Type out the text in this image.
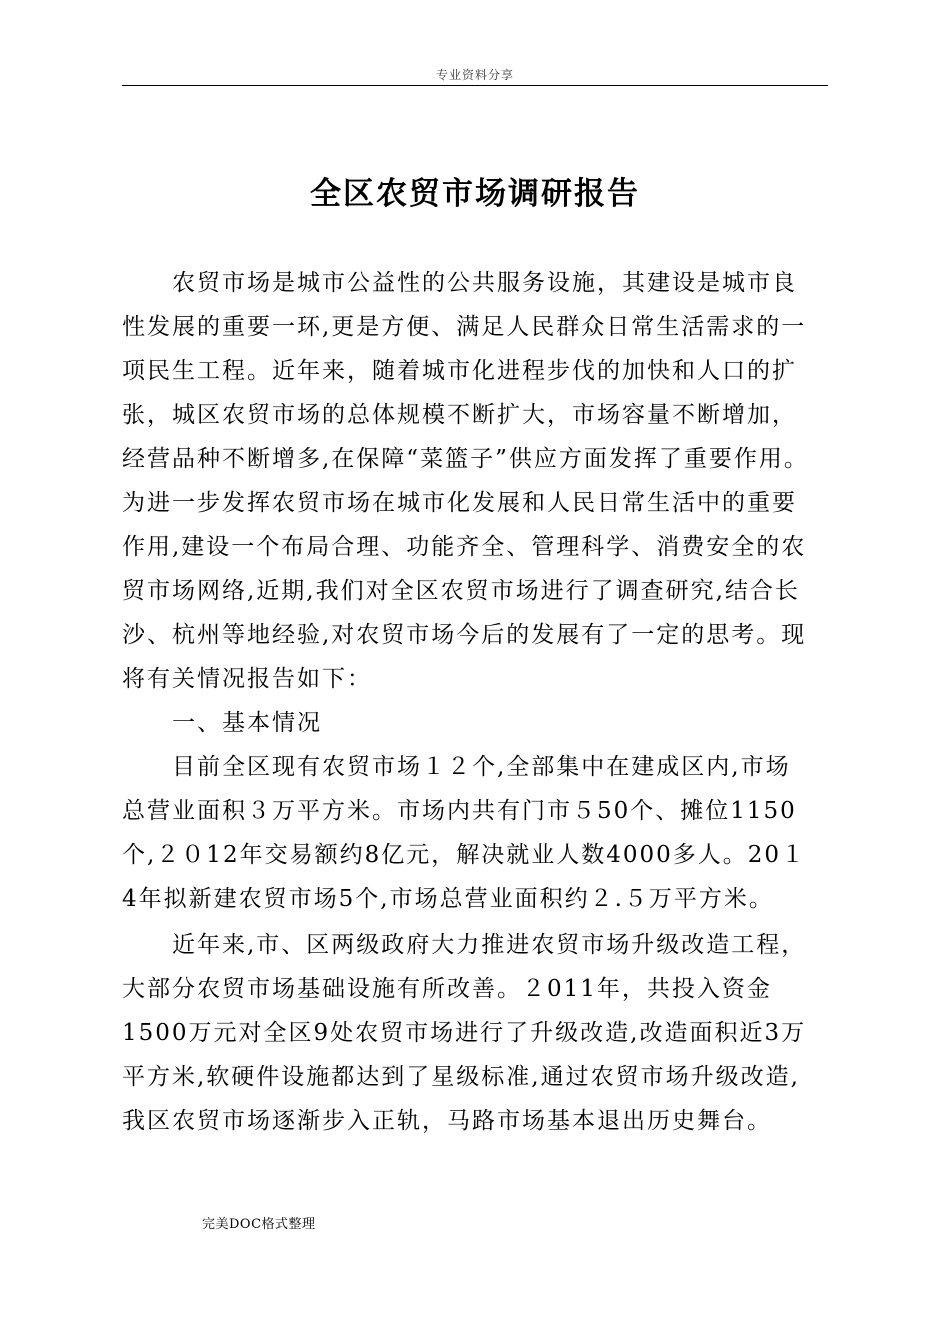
专业资料分享
全区农贸市场调研报告
农贸市场是城市公益性的公共服务设施，其建设是城市良
性发展的重要一环,更是方便、满足人民群众日常生活需求的一
项民生工程。近年来，随着城市化进程步伐的加快和人口的扩
张，城区农贸市场的总体规模不断扩大，市场容量不断增加，
经营品种不断增多,在保障“菜篮子”供应方面发挥了重要作用。
为进一步发挥农贸市场在城市化发展和人民日常生活中的重要
作用,建设一个布局合理、功能齐全、管理科学、消费安全的农
贸市场网络,近期,我们对全区农贸市场进行了调查研究,结合长
沙、杭州等地经验,对农贸市场今后的发展有了一定的思考。现
将有关情况报告如下：
一、基本情况
目前全区现有农贸市场１２个,全部集中在建成区内,市场
总营业面积３万平方米。市场内共有门市５50个、摊位1150
个,２０12年交易额约8亿元，解决就业人数4000多人。20１
4年拟新建农贸市场5个,市场总营业面积约２.５万平方米。
近年来,市、区两级政府大力推进农贸市场升级改造工程，
大部分农贸市场基础设施有所改善。２011年，共投入资金
1500万元对全区9处农贸市场进行了升级改造,改造面积近3万
平方米,软硬件设施都达到了星级标准,通过农贸市场升级改造,
我区农贸市场逐渐步入正轨，马路市场基本退出历史舞台。
完美DOC格式整理
